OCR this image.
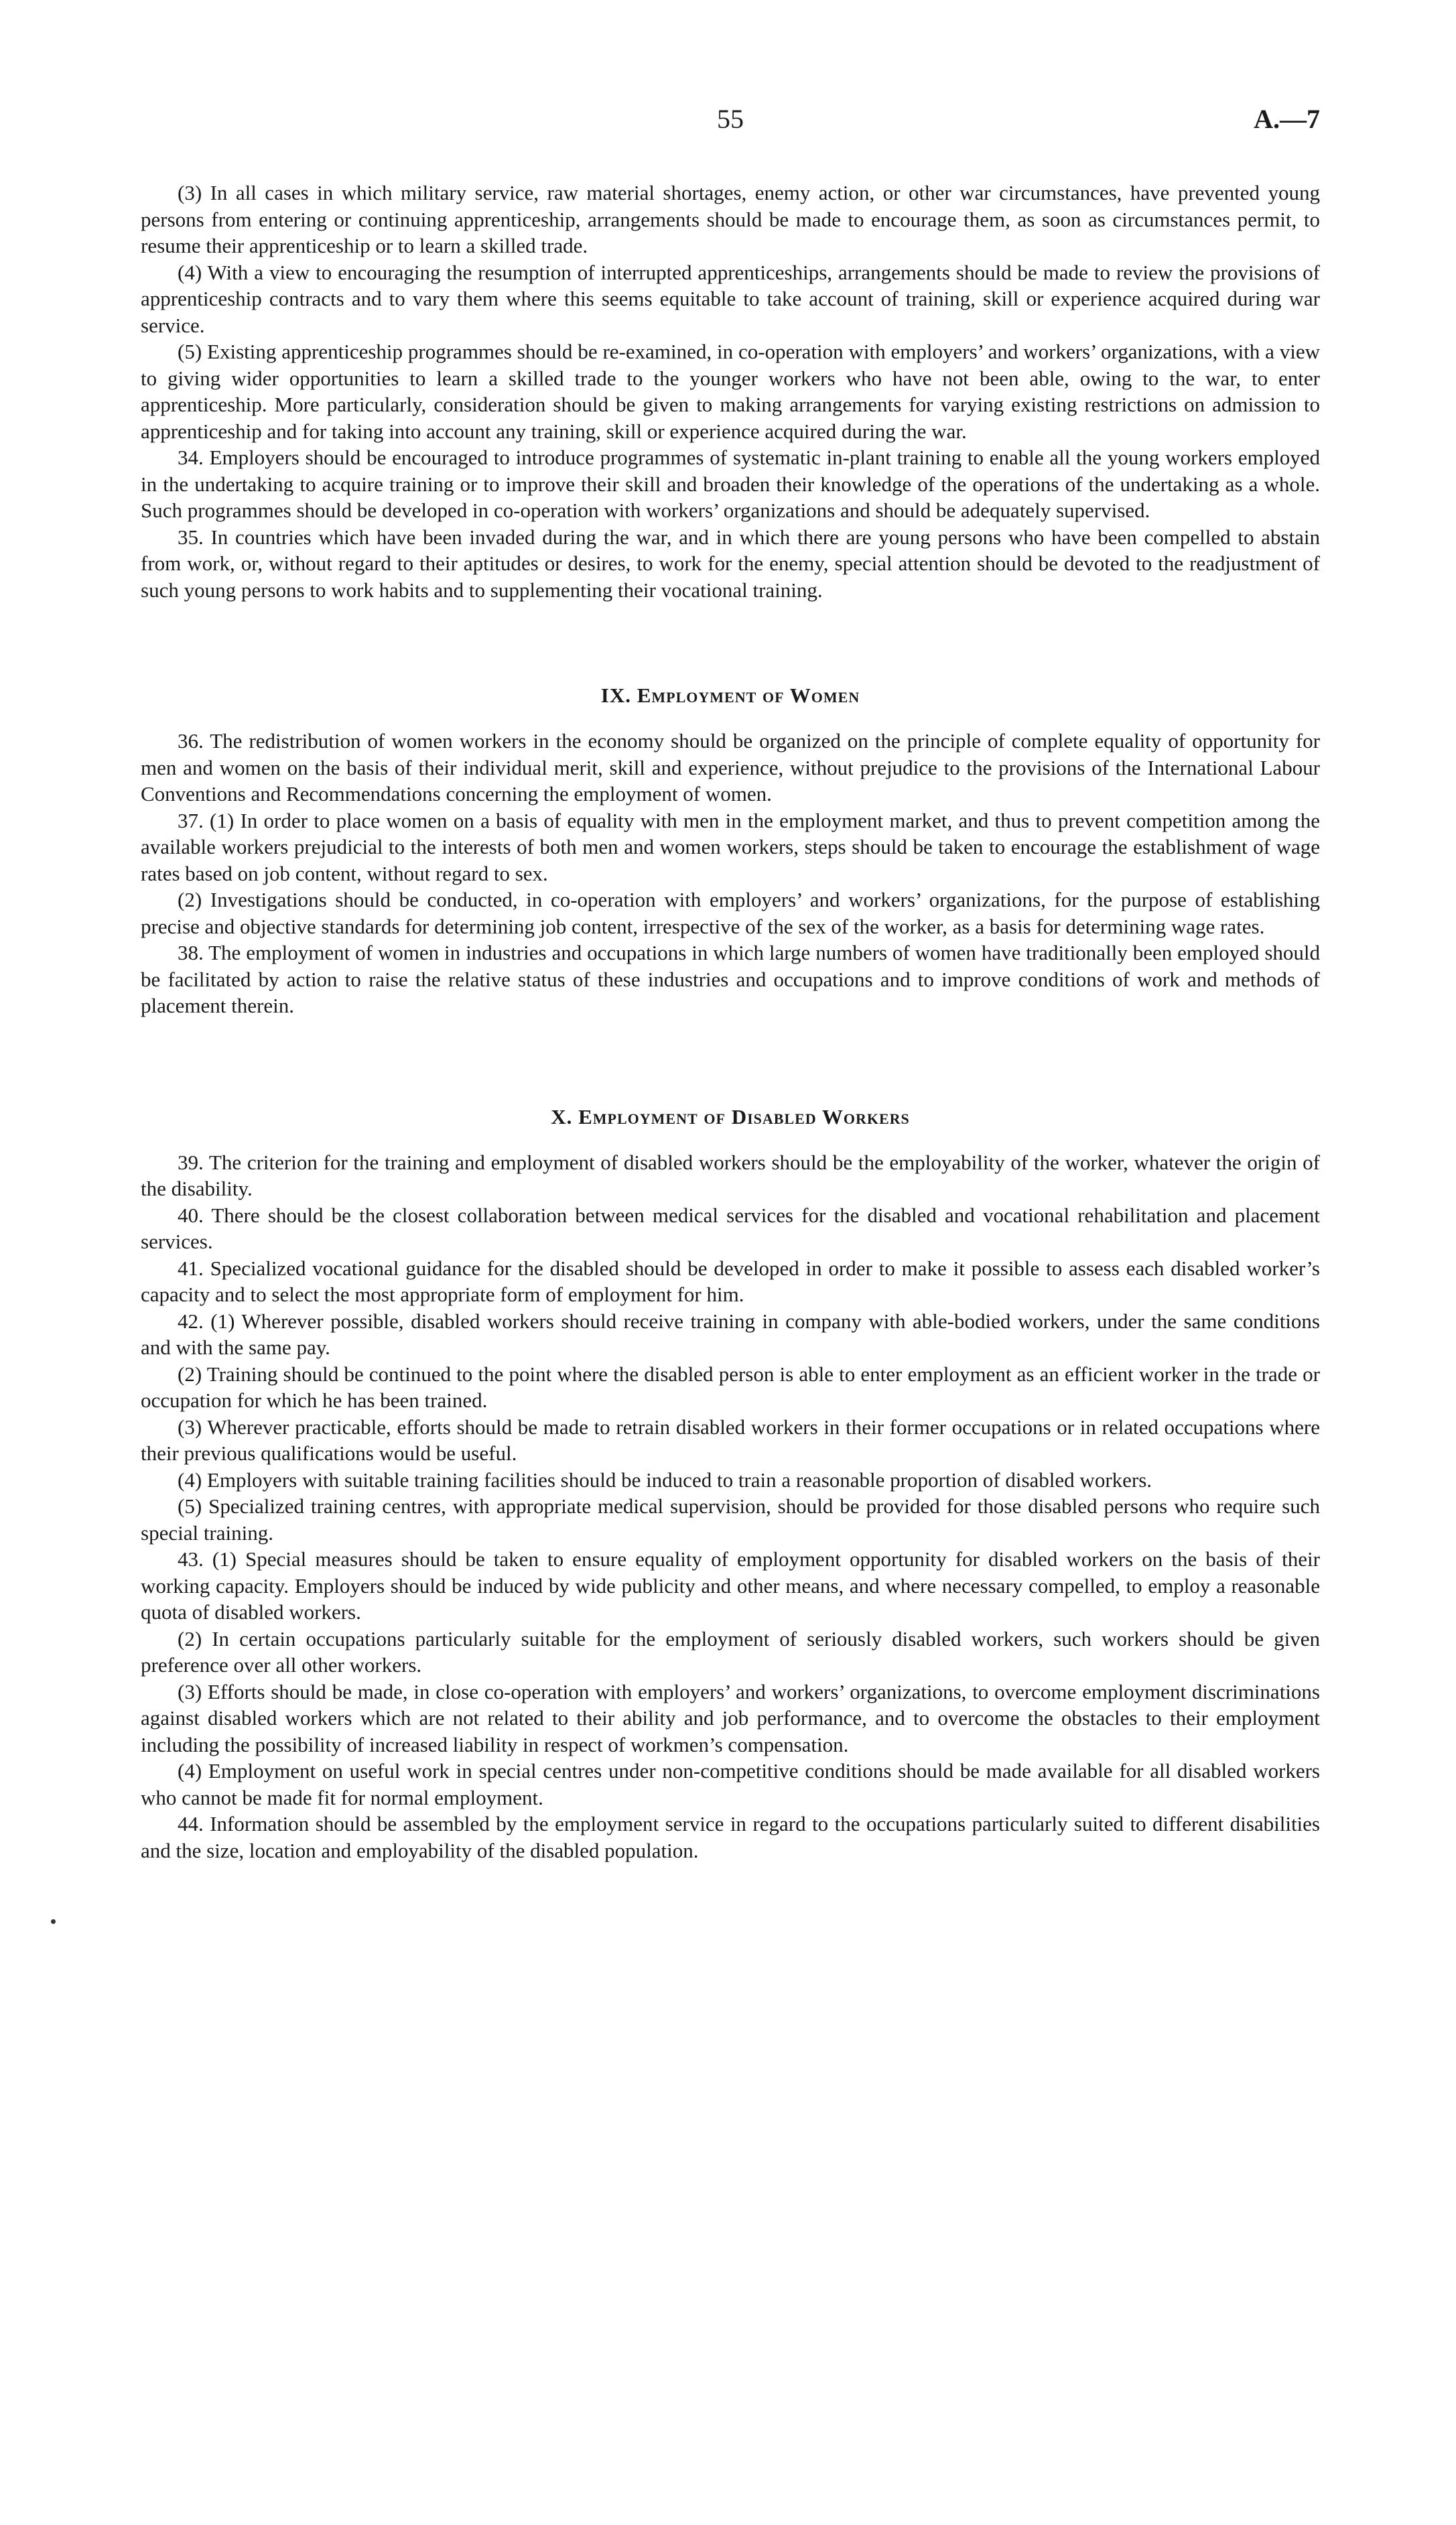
55	A.—7

(3) In all cases in which military service, raw material shortages, enemy action, or other war circumstances, have prevented young persons from entering or continuing apprenticeship, arrangements should be made to encourage them, as soon as circumstances permit, to resume their apprenticeship or to learn a skilled trade.

(4) With a view to encouraging the resumption of interrupted apprenticeships, arrangements should be made to review the provisions of apprenticeship contracts and to vary them where this seems equitable to take account of training, skill or experience acquired during war service.

(5) Existing apprenticeship programmes should be re-examined, in co-operation with employers’ and workers’ organizations, with a view to giving wider opportunities to learn a skilled trade to the younger workers who have not been able, owing to the war, to enter apprenticeship. More particularly, consideration should be given to making arrangements for varying existing restrictions on admission to apprenticeship and for taking into account any training, skill or experience acquired during the war.

34. Employers should be encouraged to introduce programmes of systematic in-plant training to enable all the young workers employed in the undertaking to acquire training or to improve their skill and broaden their knowledge of the operations of the undertaking as a whole. Such programmes should be developed in co-operation with workers’ organizations and should be adequately supervised.

35. In countries which have been invaded during the war, and in which there are young persons who have been compelled to abstain from work, or, without regard to their aptitudes or desires, to work for the enemy, special attention should be devoted to the readjustment of such young persons to work habits and to supplementing their vocational training.

IX. Employment of Women

36. The redistribution of women workers in the economy should be organized on the principle of complete equality of opportunity for men and women on the basis of their individual merit, skill and experience, without prejudice to the provisions of the International Labour Conventions and Recommendations concerning the employment of women.

37. (1) In order to place women on a basis of equality with men in the employment market, and thus to prevent competition among the available workers prejudicial to the interests of both men and women workers, steps should be taken to encourage the establishment of wage rates based on job content, without regard to sex.

(2) Investigations should be conducted, in co-operation with employers’ and workers’ organizations, for the purpose of establishing precise and objective standards for determining job content, irrespective of the sex of the worker, as a basis for determining wage rates.

38. The employment of women in industries and occupations in which large numbers of women have traditionally been employed should be facilitated by action to raise the relative status of these industries and occupations and to improve conditions of work and methods of placement therein.

X. Employment of Disabled Workers

39. The criterion for the training and employment of disabled workers should be the employability of the worker, whatever the origin of the disability.

40. There should be the closest collaboration between medical services for the disabled and vocational rehabilitation and placement services.

41. Specialized vocational guidance for the disabled should be developed in order to make it possible to assess each disabled worker’s capacity and to select the most appropriate form of employment for him.

42. (1) Wherever possible, disabled workers should receive training in company with able-bodied workers, under the same conditions and with the same pay.

(2) Training should be continued to the point where the disabled person is able to enter employment as an efficient worker in the trade or occupation for which he has been trained.

(3) Wherever practicable, efforts should be made to retrain disabled workers in their former occupations or in related occupations where their previous qualifications would be useful.

(4) Employers with suitable training facilities should be induced to train a reasonable proportion of disabled workers.

(5) Specialized training centres, with appropriate medical supervision, should be provided for those disabled persons who require such special training.

43. (1) Special measures should be taken to ensure equality of employment opportunity for disabled workers on the basis of their working capacity. Employers should be induced by wide publicity and other means, and where necessary compelled, to employ a reasonable quota of disabled workers.

(2) In certain occupations particularly suitable for the employment of seriously disabled workers, such workers should be given preference over all other workers.

(3) Efforts should be made, in close co-operation with employers’ and workers’ organizations, to overcome employment discriminations against disabled workers which are not related to their ability and job performance, and to overcome the obstacles to their employment including the possibility of increased liability in respect of workmen’s compensation.

(4) Employment on useful work in special centres under non-competitive conditions should be made available for all disabled workers who cannot be made fit for normal employment.

44. Information should be assembled by the employment service in regard to the occupations particularly suited to different disabilities and the size, location and employability of the disabled population.
